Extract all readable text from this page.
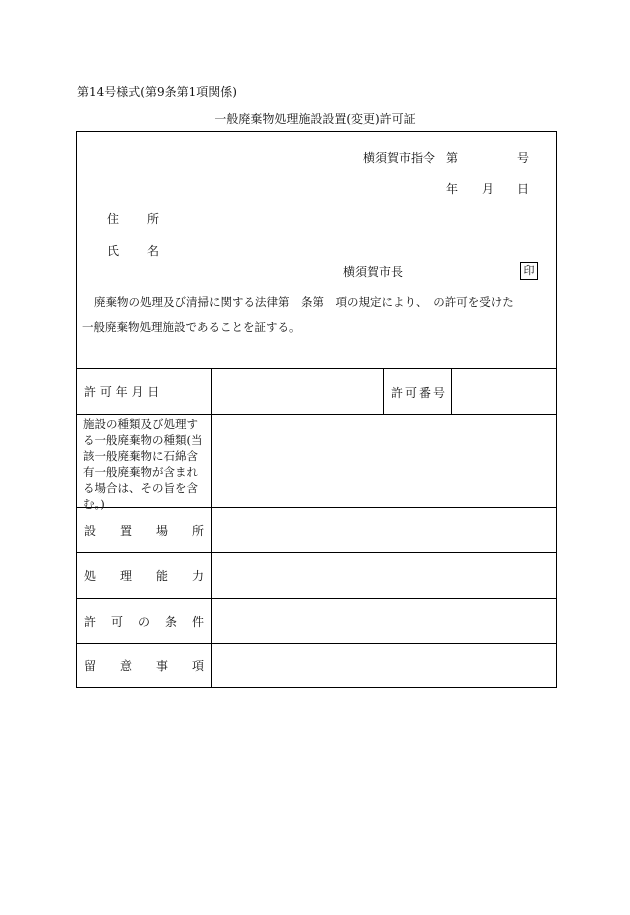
第14号様式(第9条第1項関係)
一般廃棄物処理施設設置(変更)許可証
横須賀市指令 第	号
年 月 日
住　所
氏　名
横須賀市長	印
廃棄物の処理及び清掃に関する法律第　条第　項の規定により、　の許可を受けた
一般廃棄物処理施設であることを証する。
許 可 年 月 日	許可番号
施設の種類及び処理する一般廃棄物の種類(当該一般廃棄物に石綿含有一般廃棄物が含まれる場合は、その旨を含む。)
設 置 場 所
処 理 能 力
許 可 の 条 件
留 意 事 項
